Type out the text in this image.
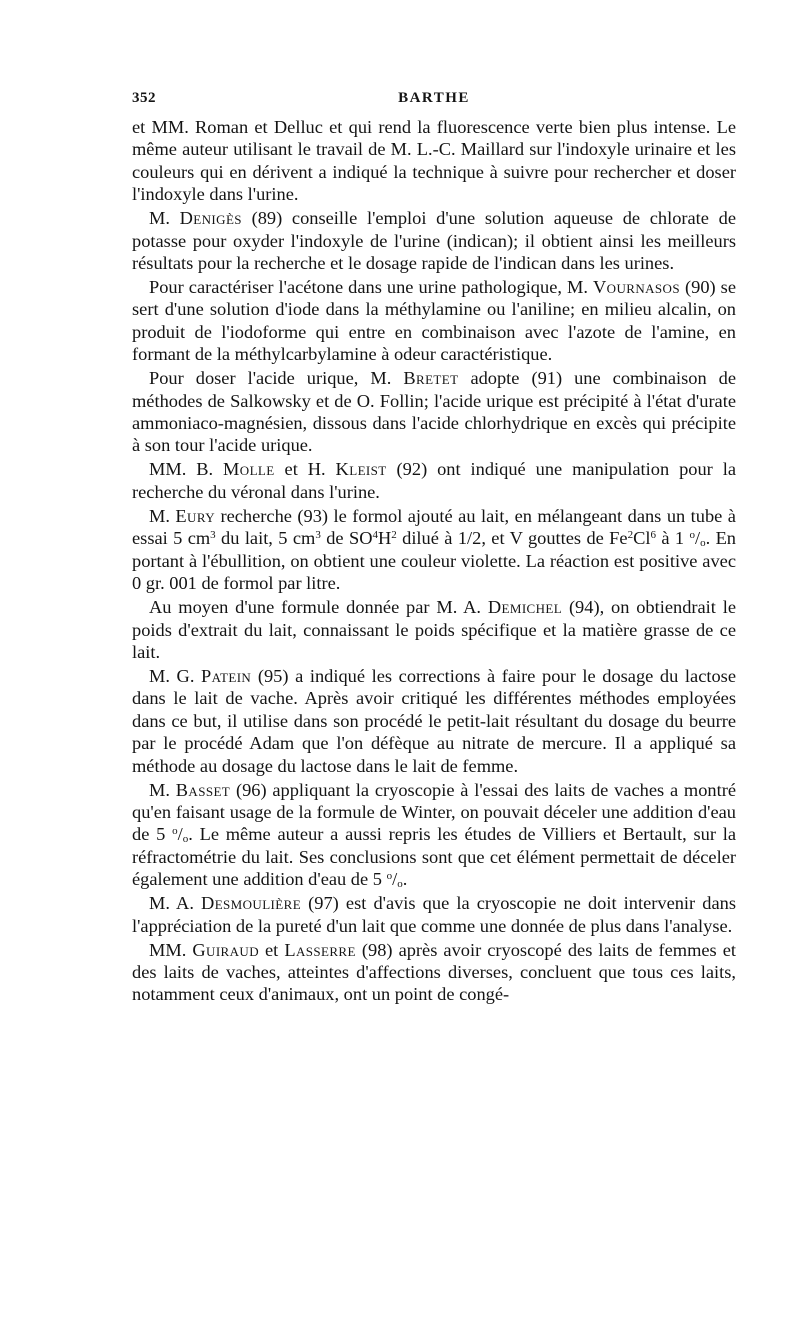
352	BARTHE

et MM. Roman et Delluc et qui rend la fluorescence verte bien plus intense. Le même auteur utilisant le travail de M. L.-C. Maillard sur l'indoxyle urinaire et les couleurs qui en dérivent a indiqué la technique à suivre pour rechercher et doser l'indoxyle dans l'urine.

M. Denigès (89) conseille l'emploi d'une solution aqueuse de chlorate de potasse pour oxyder l'indoxyle de l'urine (indican); il obtient ainsi les meilleurs résultats pour la recherche et le dosage rapide de l'indican dans les urines.

Pour caractériser l'acétone dans une urine pathologique, M. Vournasos (90) se sert d'une solution d'iode dans la méthylamine ou l'aniline; en milieu alcalin, on produit de l'iodoforme qui entre en combinaison avec l'azote de l'amine, en formant de la méthylcarbylamine à odeur caractéristique.

Pour doser l'acide urique, M. Bretet adopte (91) une combinaison de méthodes de Salkowsky et de O. Follin; l'acide urique est précipité à l'état d'urate ammoniaco-magnésien, dissous dans l'acide chlorhydrique en excès qui précipite à son tour l'acide urique.

MM. B. Molle et H. Kleist (92) ont indiqué une manipulation pour la recherche du véronal dans l'urine.

M. Eury recherche (93) le formol ajouté au lait, en mélangeant dans un tube à essai 5 $cm^3$ du lait, 5 $cm^3$ de $SO^4H^2$ dilué à 1/2, et V gouttes de Fe$^2$Cl$^6$ à 1 $^o/_o$. En portant à l'ébullition, on obtient une couleur violette. La réaction est positive avec 0 gr. 001 de formol par litre.

Au moyen d'une formule donnée par M. A. Demichel (94), on obtiendrait le poids d'extrait du lait, connaissant le poids spécifique et la matière grasse de ce lait.

M. G. Patein (95) a indiqué les corrections à faire pour le dosage du lactose dans le lait de vache. Après avoir critiqué les différentes méthodes employées dans ce but, il utilise dans son procédé le petit-lait résultant du dosage du beurre par le procédé Adam que l'on défèque au nitrate de mercure. Il a appliqué sa méthode au dosage du lactose dans le lait de femme.

M. Basset (96) appliquant la cryoscopie à l'essai des laits de vaches a montré qu'en faisant usage de la formule de Winter, on pouvait déceler une addition d'eau de 5 $^o/_o$. Le même auteur a aussi repris les études de Villiers et Bertault, sur la réfractométrie du lait. Ses conclusions sont que cet élément permettait de déceler également une addition d'eau de 5 $^o/_o$.

M. A. Desmoulière (97) est d'avis que la cryoscopie ne doit intervenir dans l'appréciation de la pureté d'un lait que comme une donnée de plus dans l'analyse.

MM. Guiraud et Lasserre (98) après avoir cryoscopé des laits de femmes et des laits de vaches, atteintes d'affections diverses, concluent que tous ces laits, notamment ceux d'animaux, ont un point de congé-
